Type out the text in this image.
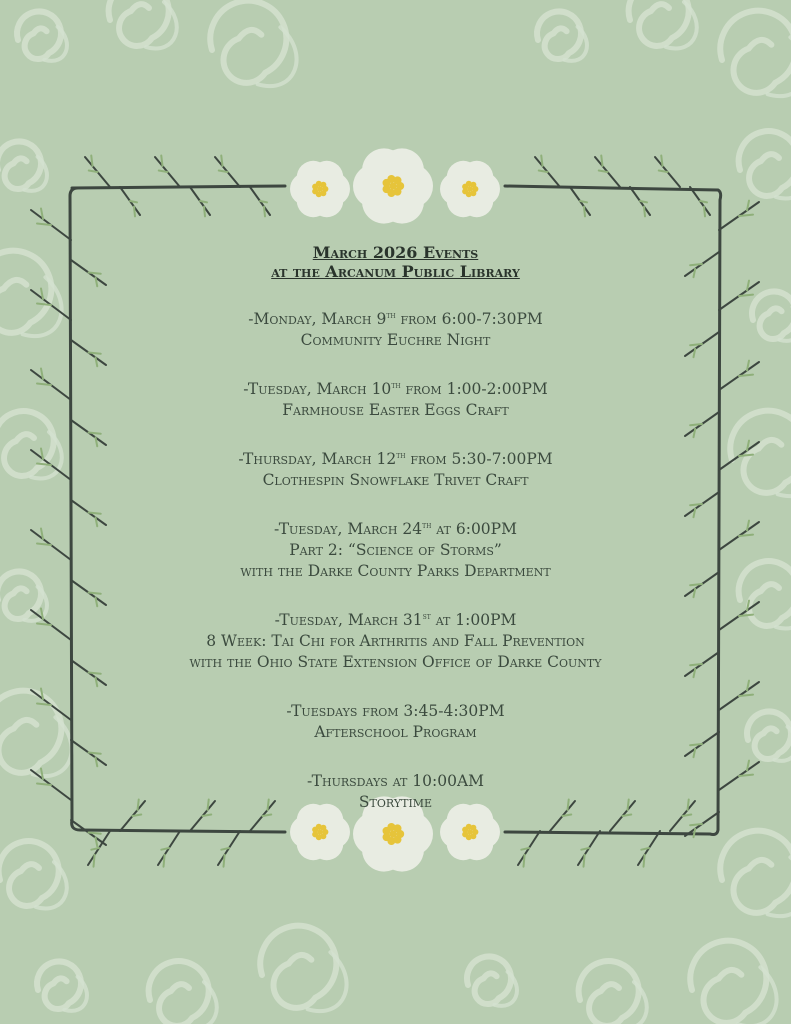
March 2026 Events
at the Arcanum Public Library
-Monday, March 9th from 6:00-7:30PM
Community Euchre Night
-Tuesday, March 10th from 1:00-2:00PM
Farmhouse Easter Eggs Craft
-Thursday, March 12th from 5:30-7:00PM
Clothespin Snowflake Trivet Craft
-Tuesday, March 24th at 6:00PM
Part 2: “Science of Storms”
with the Darke County Parks Department
-Tuesday, March 31st at 1:00PM
8 Week: Tai Chi for Arthritis and Fall Prevention
with the Ohio State Extension Office of Darke County
-Tuesdays from 3:45-4:30PM
Afterschool Program
-Thursdays at 10:00AM
Storytime
